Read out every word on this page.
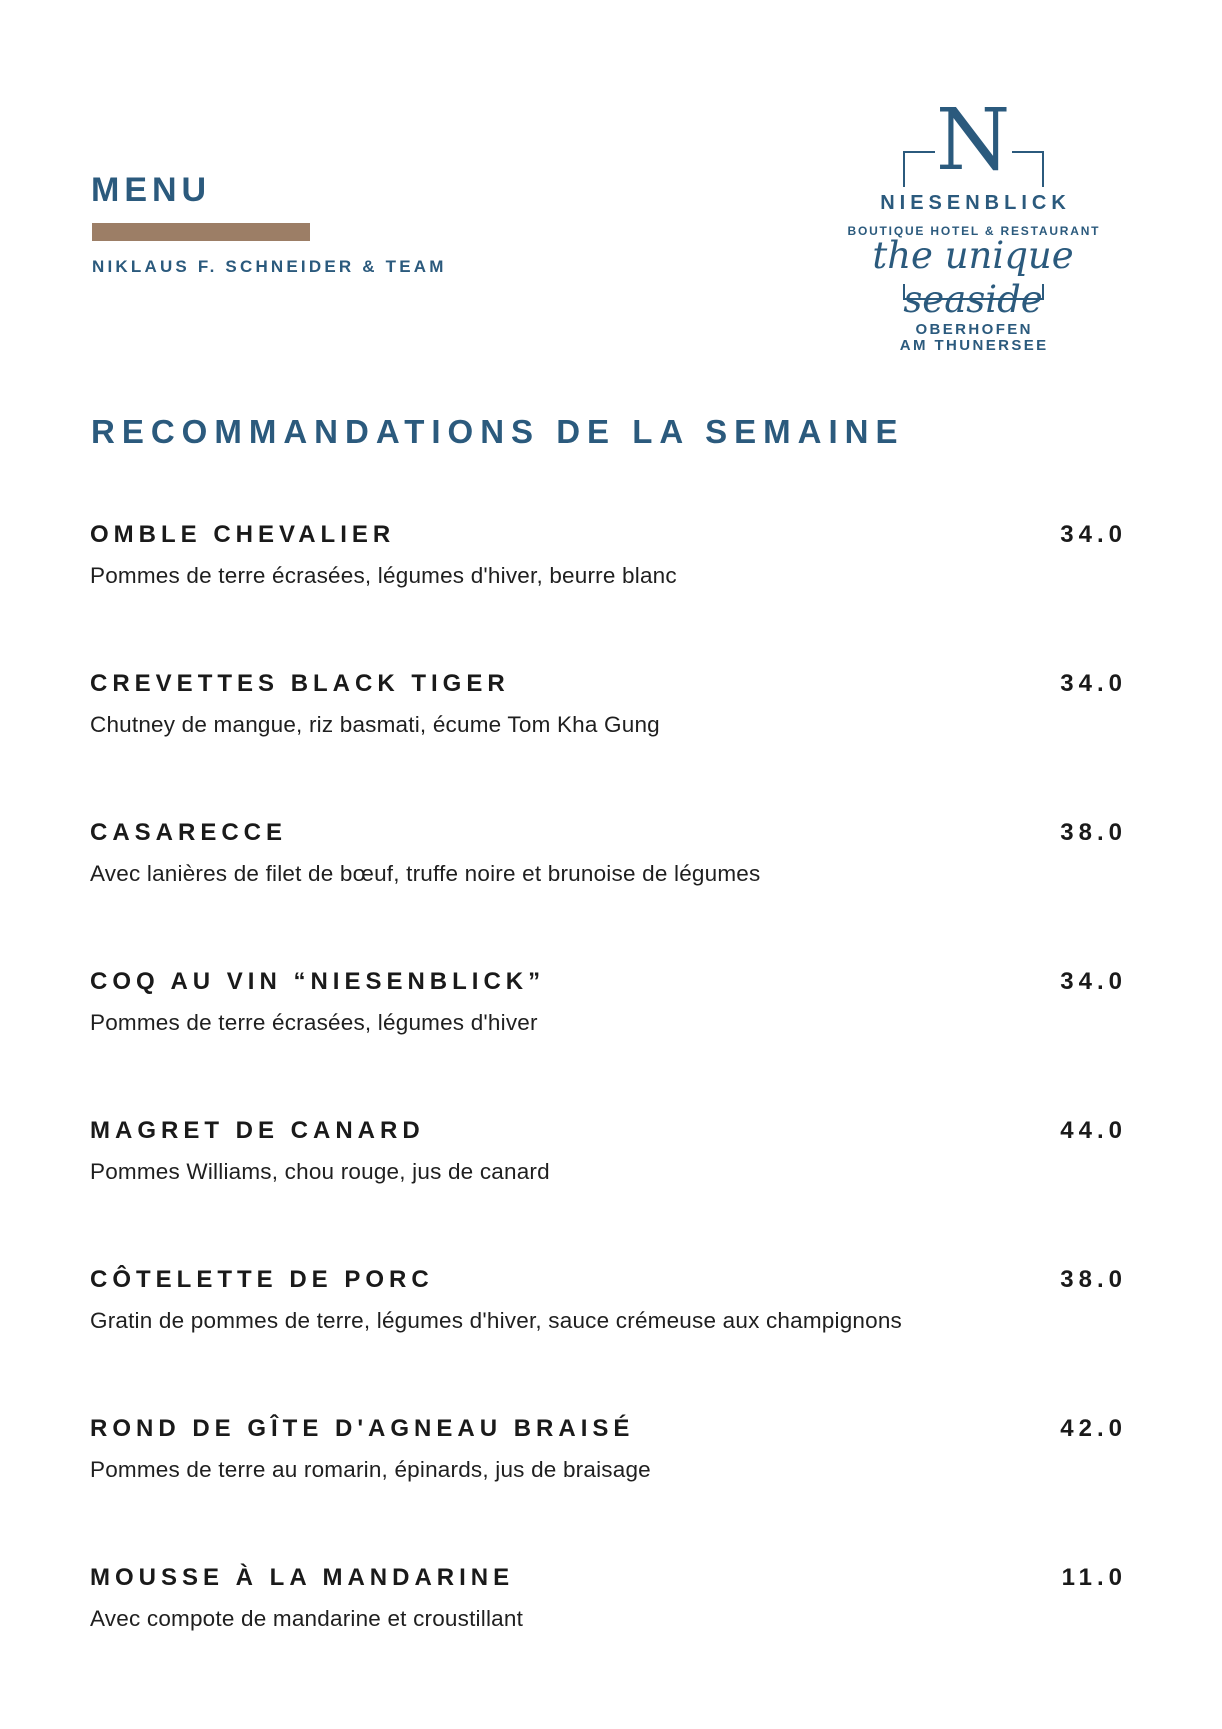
MENU
NIKLAUS F. SCHNEIDER & TEAM
N
NIESENBLICK
BOUTIQUE HOTEL & RESTAURANT
the unique seaside
OBERHOFEN
AM THUNERSEE
RECOMMANDATIONS DE LA SEMAINE
OMBLE CHEVALIER	34.0
Pommes de terre écrasées, légumes d'hiver, beurre blanc
CREVETTES BLACK TIGER	34.0
Chutney de mangue, riz basmati, écume Tom Kha Gung
CASARECCE	38.0
Avec lanières de filet de bœuf, truffe noire et brunoise de légumes
COQ AU VIN “NIESENBLICK”	34.0
Pommes de terre écrasées, légumes d'hiver
MAGRET DE CANARD	44.0
Pommes Williams, chou rouge, jus de canard
CÔTELETTE DE PORC	38.0
Gratin de pommes de terre, légumes d'hiver, sauce crémeuse aux champignons
ROND DE GÎTE D'AGNEAU BRAISÉ	42.0
Pommes de terre au romarin, épinards, jus de braisage
MOUSSE À LA MANDARINE	11.0
Avec compote de mandarine et croustillant
